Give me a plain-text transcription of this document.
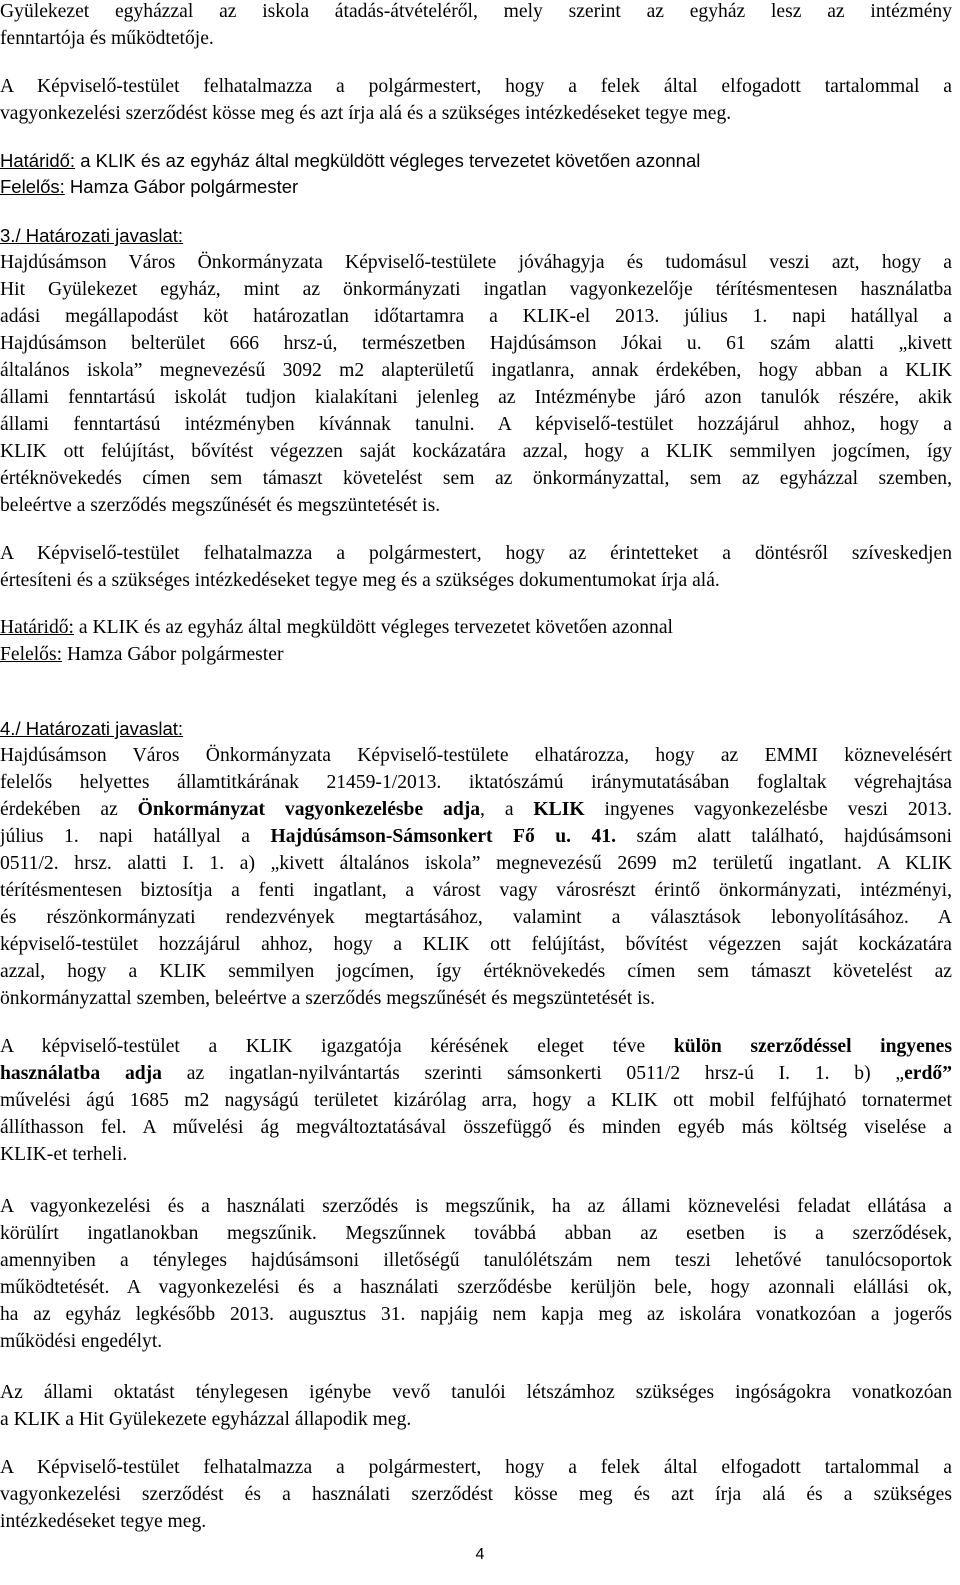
Gyülekezet egyházzal az iskola átadás-átvételéről, mely szerint az egyház lesz az intézmény
fenntartója és működtetője.
A Képviselő-testület felhatalmazza a polgármestert, hogy a felek által elfogadott tartalommal a
vagyonkezelési szerződést kösse meg és azt írja alá és a szükséges intézkedéseket tegye meg.
Határidő: a KLIK és az egyház által megküldött végleges tervezetet követően azonnal
Felelős: Hamza Gábor polgármester
3./ Határozati javaslat:
Hajdúsámson Város Önkormányzata Képviselő-testülete jóváhagyja és tudomásul veszi azt, hogy a
Hit Gyülekezet egyház, mint az önkormányzati ingatlan vagyonkezelője térítésmentesen használatba
adási megállapodást köt határozatlan időtartamra a KLIK-el 2013. július 1. napi hatállyal a
Hajdúsámson belterület 666 hrsz-ú, természetben Hajdúsámson Jókai u. 61 szám alatti „kivett
általános iskola” megnevezésű 3092 m2 alapterületű ingatlanra, annak érdekében, hogy abban a KLIK
állami fenntartású iskolát tudjon kialakítani jelenleg az Intézménybe járó azon tanulók részére, akik
állami fenntartású intézményben kívánnak tanulni. A képviselő-testület hozzájárul ahhoz, hogy a
KLIK ott felújítást, bővítést végezzen saját kockázatára azzal, hogy a KLIK semmilyen jogcímen, így
értéknövekedés címen sem támaszt követelést sem az önkormányzattal, sem az egyházzal szemben,
beleértve a szerződés megszűnését és megszüntetését is.
A Képviselő-testület felhatalmazza a polgármestert, hogy az érintetteket a döntésről szíveskedjen
értesíteni és a szükséges intézkedéseket tegye meg és a szükséges dokumentumokat írja alá.
Határidő: a KLIK és az egyház által megküldött végleges tervezetet követően azonnal
Felelős: Hamza Gábor polgármester
4./ Határozati javaslat:
Hajdúsámson Város Önkormányzata Képviselő-testülete elhatározza, hogy az EMMI köznevelésért
felelős helyettes államtitkárának 21459-1/2013. iktatószámú iránymutatásában foglaltak végrehajtása
érdekében az Önkormányzat vagyonkezelésbe adja, a KLIK ingyenes vagyonkezelésbe veszi 2013.
július 1. napi hatállyal a Hajdúsámson-Sámsonkert Fő u. 41. szám alatt található, hajdúsámsoni
0511/2. hrsz. alatti I. 1. a) „kivett általános iskola” megnevezésű 2699 m2 területű ingatlant. A KLIK
térítésmentesen biztosítja a fenti ingatlant, a várost vagy városrészt érintő önkormányzati, intézményi,
és részönkormányzati rendezvények megtartásához, valamint a választások lebonyolításához. A
képviselő-testület hozzájárul ahhoz, hogy a KLIK ott felújítást, bővítést végezzen saját kockázatára
azzal, hogy a KLIK semmilyen jogcímen, így értéknövekedés címen sem támaszt követelést az
önkormányzattal szemben, beleértve a szerződés megszűnését és megszüntetését is.
A képviselő-testület a KLIK igazgatója kérésének eleget téve külön szerződéssel ingyenes
használatba adja az ingatlan-nyilvántartás szerinti sámsonkerti 0511/2 hrsz-ú I. 1. b) „erdő”
művelési ágú 1685 m2 nagyságú területet kizárólag arra, hogy a KLIK ott mobil felfújható tornatermet
állíthasson fel. A művelési ág megváltoztatásával összefüggő és minden egyéb más költség viselése a
KLIK-et terheli.
A vagyonkezelési és a használati szerződés is megszűnik, ha az állami köznevelési feladat ellátása a
körülírt ingatlanokban megszűnik. Megszűnnek továbbá abban az esetben is a szerződések,
amennyiben a tényleges hajdúsámsoni illetőségű tanulólétszám nem teszi lehetővé tanulócsoportok
működtetését. A vagyonkezelési és a használati szerződésbe kerüljön bele, hogy azonnali elállási ok,
ha az egyház legkésőbb 2013. augusztus 31. napjáig nem kapja meg az iskolára vonatkozóan a jogerős
működési engedélyt.
Az állami oktatást ténylegesen igénybe vevő tanulói létszámhoz szükséges ingóságokra vonatkozóan
a KLIK a Hit Gyülekezete egyházzal állapodik meg.
A Képviselő-testület felhatalmazza a polgármestert, hogy a felek által elfogadott tartalommal a
vagyonkezelési szerződést és a használati szerződést kösse meg és azt írja alá és a szükséges
intézkedéseket tegye meg.
4
